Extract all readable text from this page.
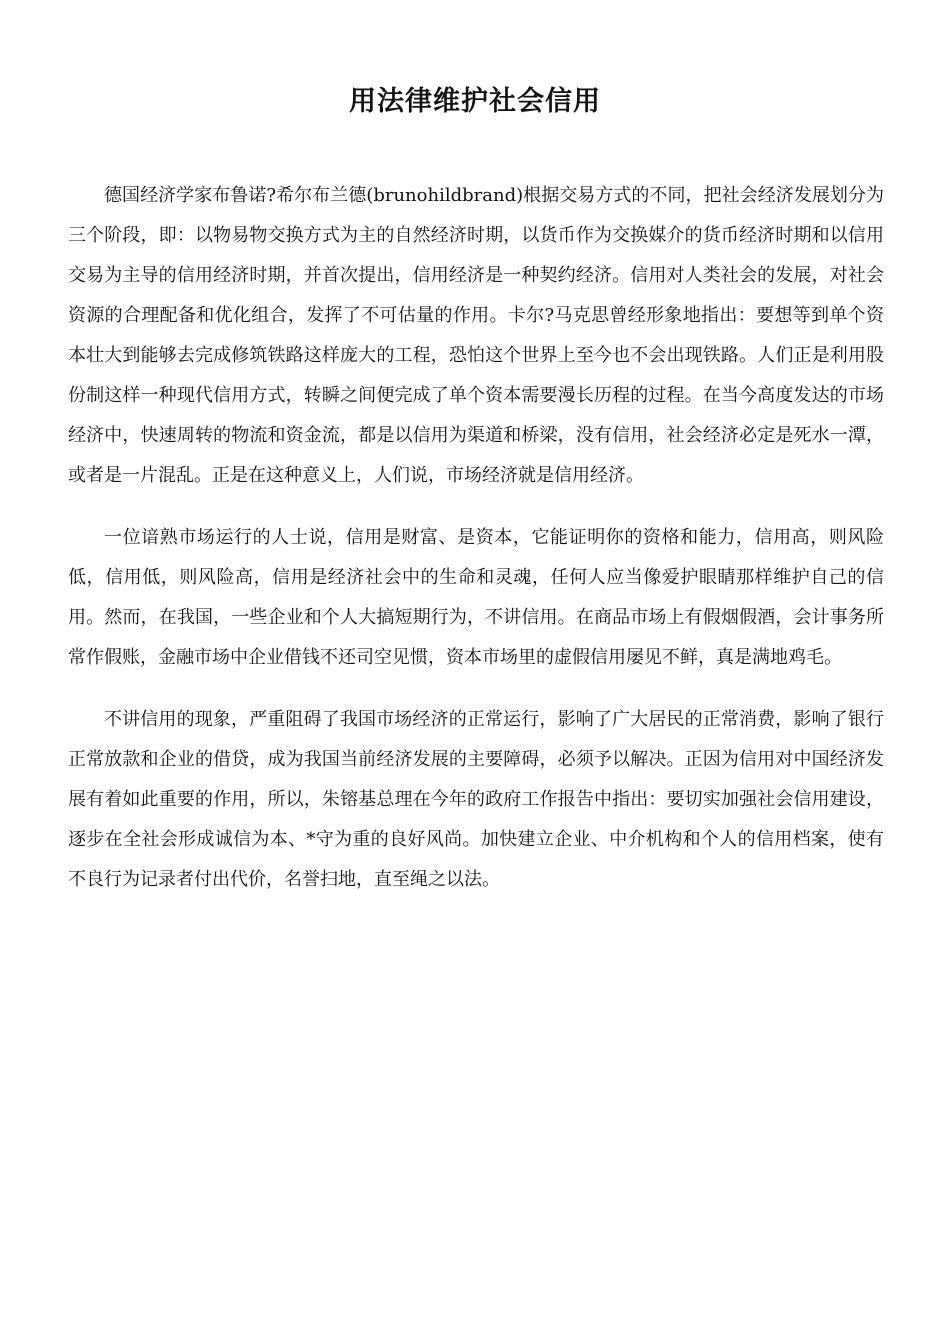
用法律维护社会信用

德国经济学家布鲁诺?希尔布兰德(brunohildbrand)根据交易方式的不同，把社会经济发展划分为三个阶段，即：以物易物交换方式为主的自然经济时期，以货币作为交换媒介的货币经济时期和以信用交易为主导的信用经济时期，并首次提出，信用经济是一种契约经济。信用对人类社会的发展，对社会资源的合理配备和优化组合，发挥了不可估量的作用。卡尔?马克思曾经形象地指出：要想等到单个资本壮大到能够去完成修筑铁路这样庞大的工程，恐怕这个世界上至今也不会出现铁路。人们正是利用股份制这样一种现代信用方式，转瞬之间便完成了单个资本需要漫长历程的过程。在当今高度发达的市场经济中，快速周转的物流和资金流，都是以信用为渠道和桥梁，没有信用，社会经济必定是死水一潭，或者是一片混乱。正是在这种意义上，人们说，市场经济就是信用经济。

一位谙熟市场运行的人士说，信用是财富、是资本，它能证明你的资格和能力，信用高，则风险低，信用低，则风险高，信用是经济社会中的生命和灵魂，任何人应当像爱护眼睛那样维护自己的信用。然而，在我国，一些企业和个人大搞短期行为，不讲信用。在商品市场上有假烟假酒，会计事务所常作假账，金融市场中企业借钱不还司空见惯，资本市场里的虚假信用屡见不鲜，真是满地鸡毛。

不讲信用的现象，严重阻碍了我国市场经济的正常运行，影响了广大居民的正常消费，影响了银行正常放款和企业的借贷，成为我国当前经济发展的主要障碍，必须予以解决。正因为信用对中国经济发展有着如此重要的作用，所以，朱镕基总理在今年的政府工作报告中指出：要切实加强社会信用建设，逐步在全社会形成诚信为本、*守为重的良好风尚。加快建立企业、中介机构和个人的信用档案，使有不良行为记录者付出代价，名誉扫地，直至绳之以法。
